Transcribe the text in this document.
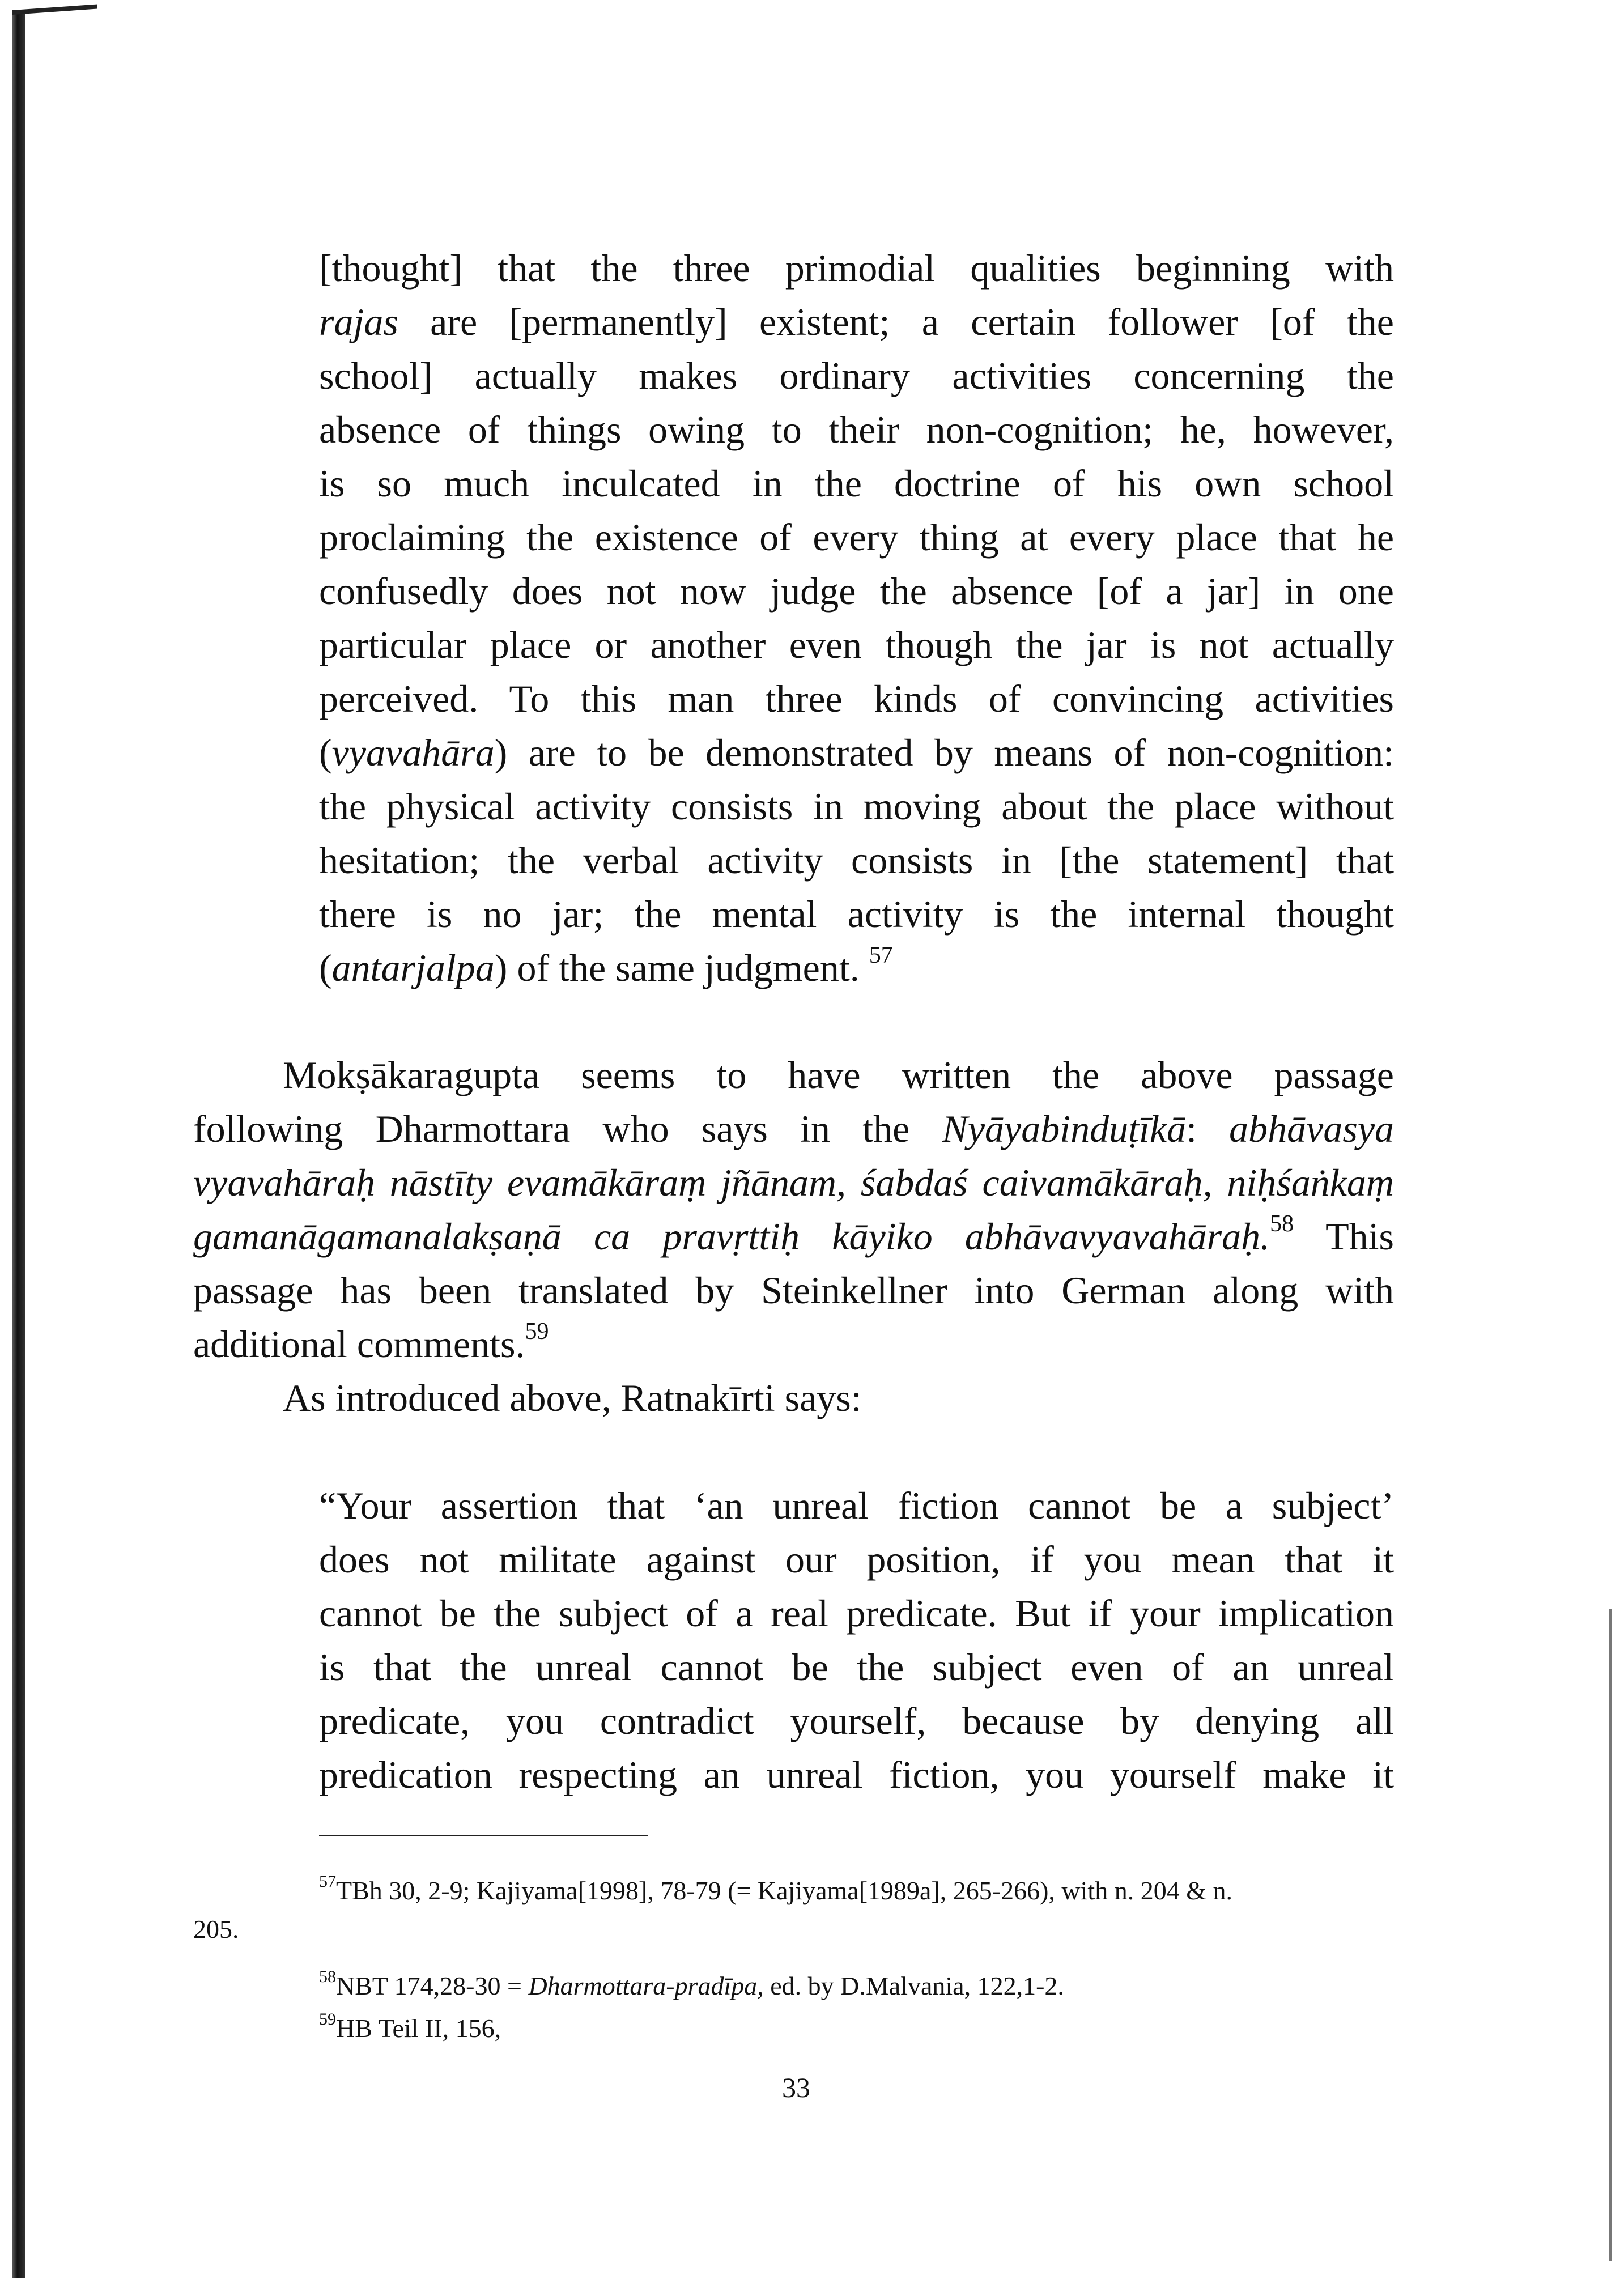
[thought] that the three primodial qualities beginning with
rajas are [permanently] existent; a certain follower [of the
school] actually makes ordinary activities concerning the
absence of things owing to their non-cognition; he, however,
is so much inculcated in the doctrine of his own school
proclaiming the existence of every thing at every place that he
confusedly does not now judge the absence [of a jar] in one
particular place or another even though the jar is not actually
perceived. To this man three kinds of convincing activities
(vyavahāra) are to be demonstrated by means of non-cognition:
the physical activity consists in moving about the place without
hesitation; the verbal activity consists in [the statement] that
there is no jar; the mental activity is the internal thought
(antarjalpa) of the same judgment. $^{57}$
Mokṣākaragupta seems to have written the above passage
following Dharmottara who says in the Nyāyabinduṭīkā: abhāvasya
vyavahāraḥ nāstīty evamākāraṃ jñānam, śabdaś caivamākāraḥ, niḥśaṅkaṃ
gamanāgamanalakṣaṇā ca pravṛttiḥ kāyiko abhāvavyavahāraḥ.$^{58}$ This
passage has been translated by Steinkellner into German along with
additional comments.$^{59}$
As introduced above, Ratnakīrti says:
“Your assertion that ‘an unreal fiction cannot be a subject’
does not militate against our position, if you mean that it
cannot be the subject of a real predicate. But if your implication
is that the unreal cannot be the subject even of an unreal
predicate, you contradict yourself, because by denying all
predication respecting an unreal fiction, you yourself make it
$^{57}$TBh 30, 2-9; Kajiyama[1998], 78-79 (= Kajiyama[1989a], 265-266), with n. 204 & n.
205.
$^{58}$NBT 174,28-30 = Dharmottara-pradīpa, ed. by D.Malvania, 122,1-2.
$^{59}$HB Teil II, 156,
33
